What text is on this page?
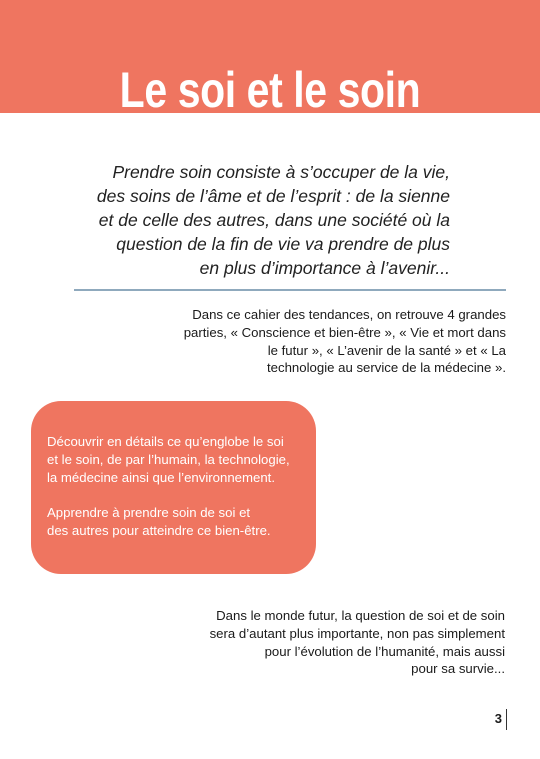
Le soi et le soin
Prendre soin consiste à s’occuper de la vie,
des soins de l’âme et de l’esprit : de la sienne
et de celle des autres, dans une société où la
question de la fin de vie va prendre de plus
en plus d’importance à l’avenir...
Dans ce cahier des tendances, on retrouve 4 grandes
parties, « Conscience et bien-être », « Vie et mort dans
le futur », « L’avenir de la santé » et « La
technologie au service de la médecine ».
Découvrir en détails ce qu’englobe le soi
et le soin, de par l’humain, la technologie,
la médecine ainsi que l’environnement.
Apprendre à prendre soin de soi et
des autres pour atteindre ce bien-être.
Dans le monde futur, la question de soi et de soin
sera d’autant plus importante, non pas simplement
pour l’évolution de l’humanité, mais aussi
pour sa survie...
3
